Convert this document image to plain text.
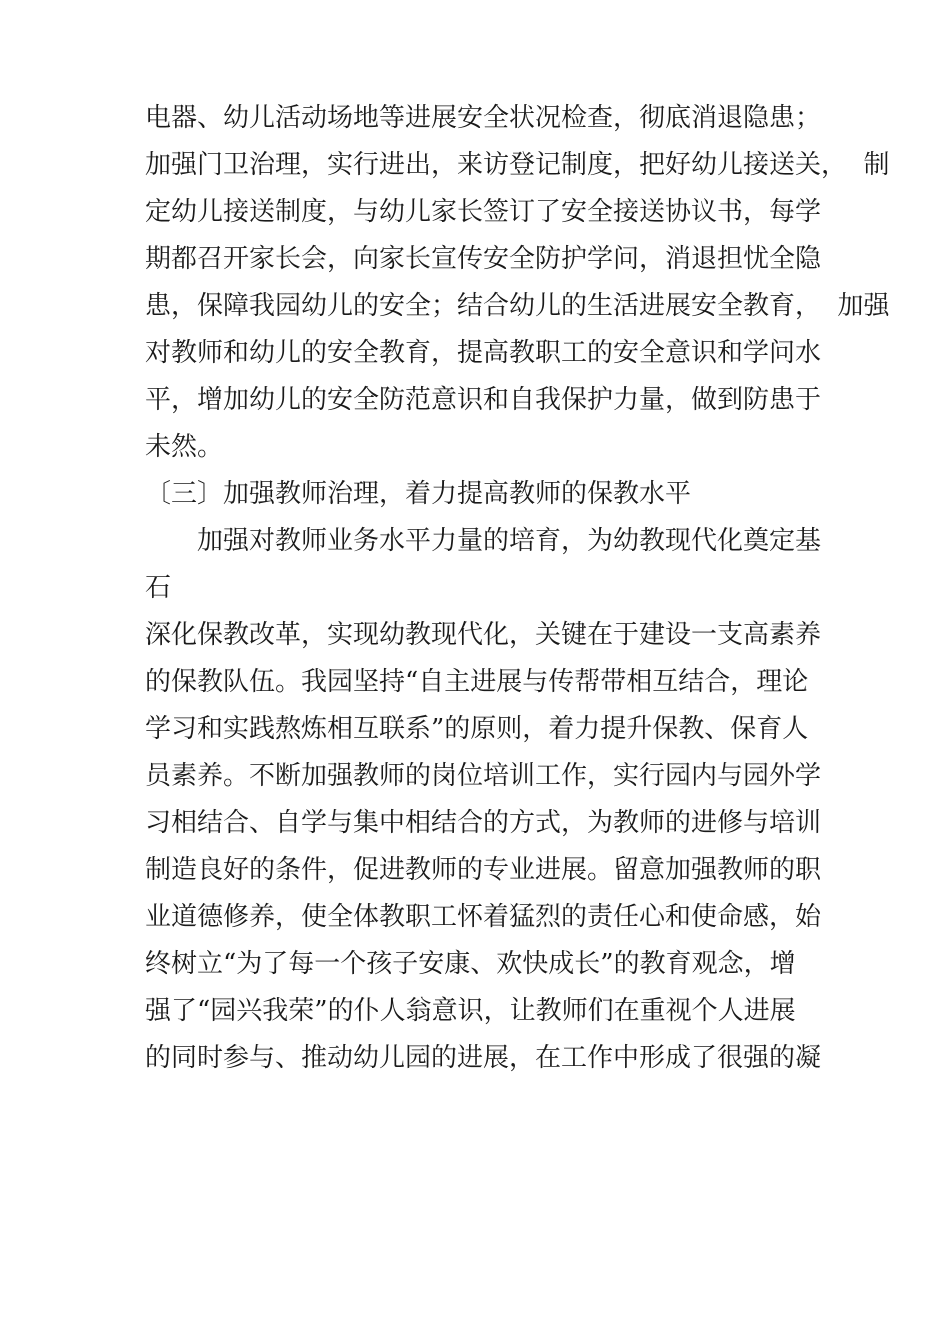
电器、幼儿活动场地等进展安全状况检查，彻底消退隐患；
加强门卫治理，实行进出，来访登记制度，把好幼儿接送关，  制
定幼儿接送制度，与幼儿家长签订了安全接送协议书，每学
期都召开家长会，向家长宣传安全防护学问，消退担忧全隐
患，保障我园幼儿的安全；结合幼儿的生活进展安全教育，  加强
对教师和幼儿的安全教育，提高教职工的安全意识和学问水
平，增加幼儿的安全防范意识和自我保护力量，做到防患于
未然。
〔三〕加强教师治理，着力提高教师的保教水平
加强对教师业务水平力量的培育，为幼教现代化奠定基
石
深化保教改革，实现幼教现代化，关键在于建设一支高素养
的保教队伍。我园坚持“自主进展与传帮带相互结合，理论
学习和实践熬炼相互联系”的原则，着力提升保教、保育人
员素养。不断加强教师的岗位培训工作，实行园内与园外学
习相结合、自学与集中相结合的方式，为教师的进修与培训
制造良好的条件，促进教师的专业进展。留意加强教师的职
业道德修养，使全体教职工怀着猛烈的责任心和使命感，始
终树立“为了每一个孩子安康、欢快成长”的教育观念，增
强了“园兴我荣”的仆人翁意识，让教师们在重视个人进展
的同时参与、推动幼儿园的进展，在工作中形成了很强的凝
